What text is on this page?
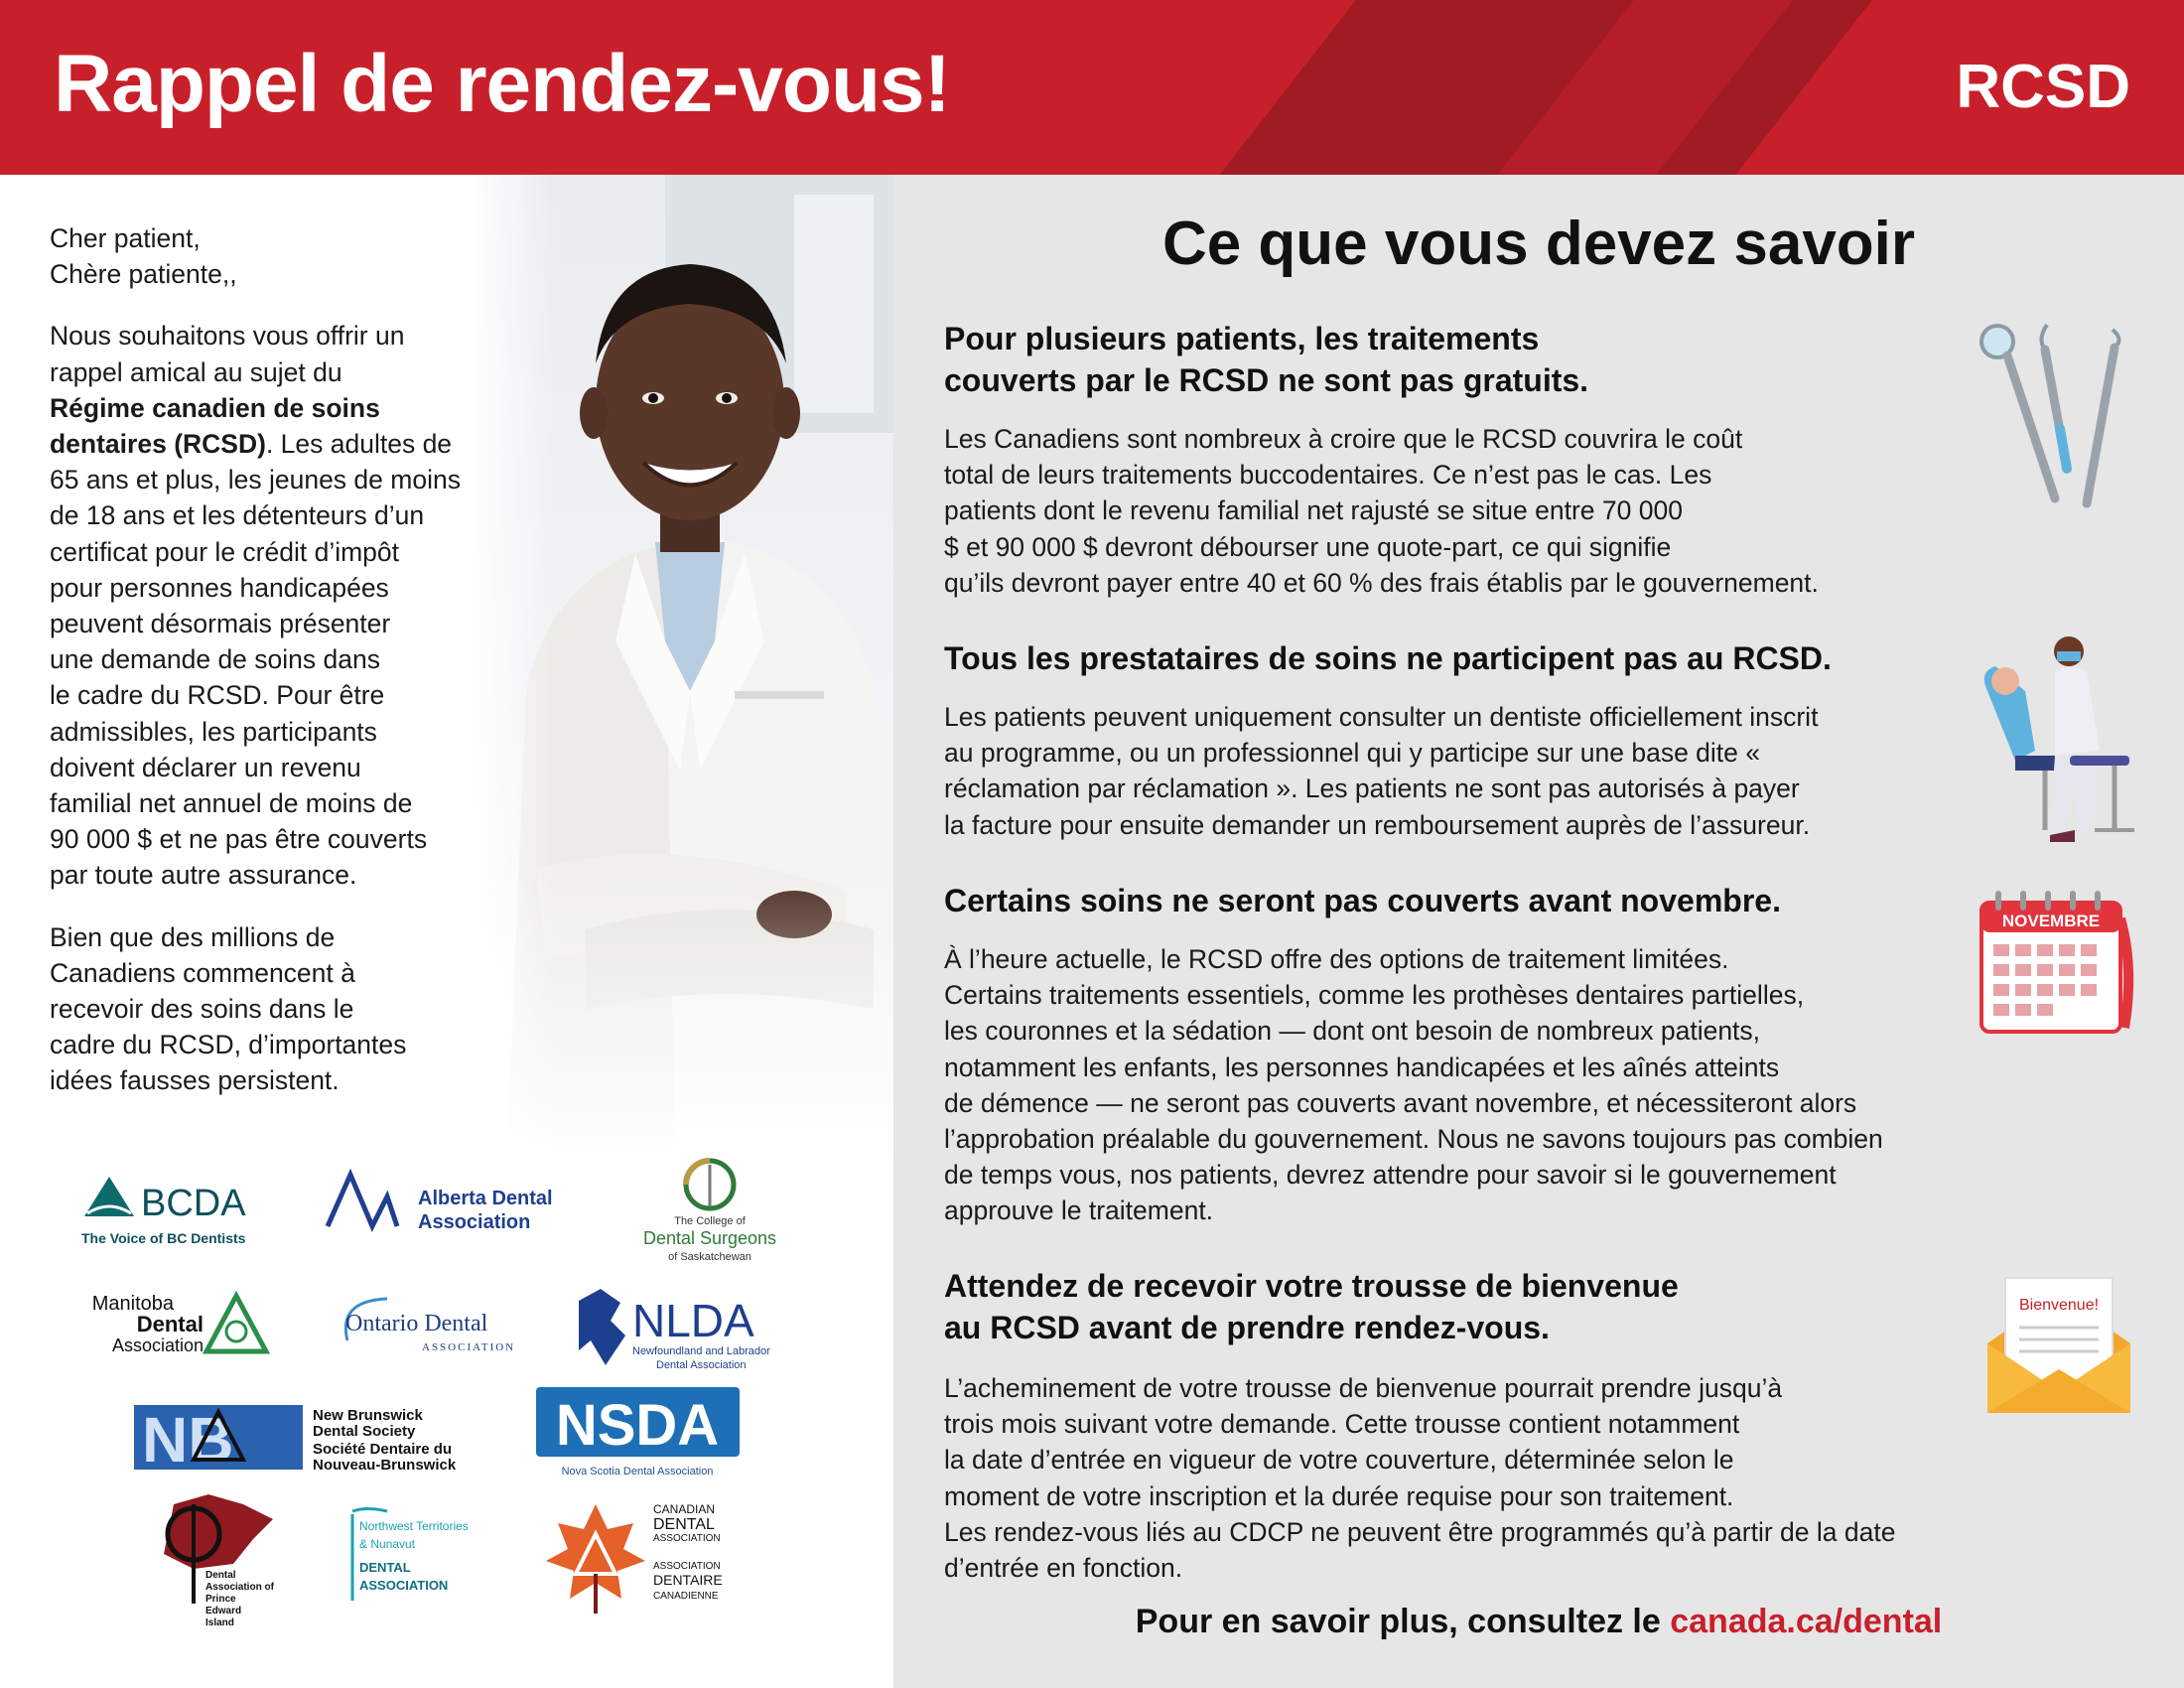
Rappel de rendez-vous!	RCSD

Cher patient,
Chère patiente,,

Nous souhaitons vous offrir un
rappel amical au sujet du
Régime canadien de soins
dentaires (RCSD). Les adultes de
65 ans et plus, les jeunes de moins
de 18 ans et les détenteurs d’un
certificat pour le crédit d’impôt
pour personnes handicapées
peuvent désormais présenter
une demande de soins dans
le cadre du RCSD. Pour être
admissibles, les participants
doivent déclarer un revenu
familial net annuel de moins de
90 000 $ et ne pas être couverts
par toute autre assurance.

Bien que des millions de
Canadiens commencent à
recevoir des soins dans le
cadre du RCSD, d’importantes
idées fausses persistent.

BCDA
The Voice of BC Dentists
Alberta Dental
Association	The College of
Dental Surgeons
of Saskatchewan
Manitoba
Dental
Association
Ontario Dental
ASSOCIATION
NLDA
Newfoundland and Labrador
Dental Association
NB	New Brunswick
Dental Society
Société Dentaire du
Nouveau-Brunswick
NSDA
Nova Scotia Dental Association
Dental
Association of
Prince
Edward
Island
Northwest Territories
& Nunavut
DENTAL
ASSOCIATION
CANADIAN
DENTAL
ASSOCIATION
ASSOCIATION
DENTAIRE
CANADIENNE
Ce que vous devez savoir
Pour plusieurs patients, les traitements
couverts par le RCSD ne sont pas gratuits.
Les Canadiens sont nombreux à croire que le RCSD couvrira le coût
total de leurs traitements buccodentaires. Ce n’est pas le cas. Les
patients dont le revenu familial net rajusté se situe entre 70 000
$ et 90 000 $ devront débourser une quote-part, ce qui signifie
qu’ils devront payer entre 40 et 60 % des frais établis par le gouvernement.
Tous les prestataires de soins ne participent pas au RCSD.
Les patients peuvent uniquement consulter un dentiste officiellement inscrit
au programme, ou un professionnel qui y participe sur une base dite «
réclamation par réclamation ». Les patients ne sont pas autorisés à payer
la facture pour ensuite demander un remboursement auprès de l’assureur.
Certains soins ne seront pas couverts avant novembre.
À l’heure actuelle, le RCSD offre des options de traitement limitées.
Certains traitements essentiels, comme les prothèses dentaires partielles,
les couronnes et la sédation — dont ont besoin de nombreux patients,
notamment les enfants, les personnes handicapées et les aînés atteints
de démence — ne seront pas couverts avant novembre, et nécessiteront alors
l’approbation préalable du gouvernement. Nous ne savons toujours pas combien
de temps vous, nos patients, devrez attendre pour savoir si le gouvernement
approuve le traitement.
Attendez de recevoir votre trousse de bienvenue
au RCSD avant de prendre rendez-vous.
L’acheminement de votre trousse de bienvenue pourrait prendre jusqu’à
trois mois suivant votre demande. Cette trousse contient notamment
la date d’entrée en vigueur de votre couverture, déterminée selon le
moment de votre inscription et la durée requise pour son traitement.
Les rendez-vous liés au CDCP ne peuvent être programmés qu’à partir de la date
d’entrée en fonction.
NOVEMBRE
Bienvenue!
Pour en savoir plus, consultez le canada.ca/dental
